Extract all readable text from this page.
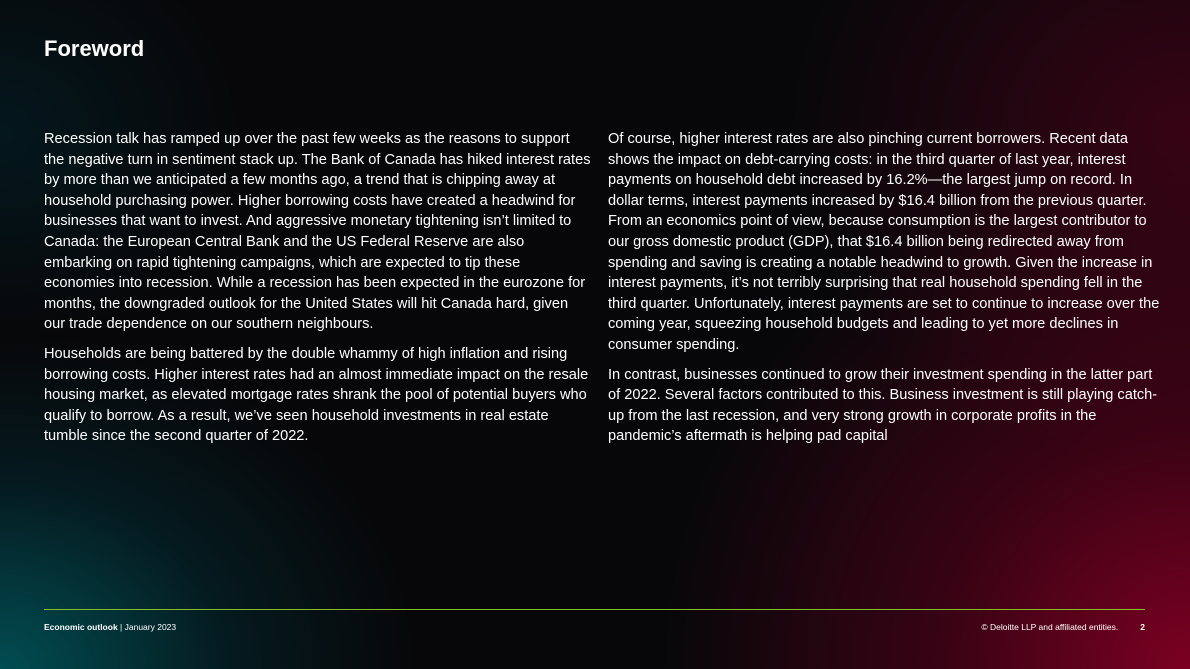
Foreword

Recession talk has ramped up over the past few weeks as the reasons to support the negative turn in sentiment stack up. The Bank of Canada has hiked interest rates by more than we anticipated a few months ago, a trend that is chipping away at household purchasing power. Higher borrowing costs have created a headwind for businesses that want to invest. And aggressive monetary tightening isn’t limited to Canada: the European Central Bank and the US Federal Reserve are also embarking on rapid tightening campaigns, which are expected to tip these economies into recession. While a recession has been expected in the eurozone for months, the downgraded outlook for the United States will hit Canada hard, given our trade dependence on our southern neighbours.

Households are being battered by the double whammy of high inflation and rising borrowing costs. Higher interest rates had an almost immediate impact on the resale housing market, as elevated mortgage rates shrank the pool of potential buyers who qualify to borrow. As a result, we’ve seen household investments in real estate tumble since the second quarter of 2022.

Of course, higher interest rates are also pinching current borrowers. Recent data shows the impact on debt-carrying costs: in the third quarter of last year, interest payments on household debt increased by 16.2%—the largest jump on record. In dollar terms, interest payments increased by $16.4 billion from the previous quarter. From an economics point of view, because consumption is the largest contributor to our gross domestic product (GDP), that $16.4 billion being redirected away from spending and saving is creating a notable headwind to growth. Given the increase in interest payments, it’s not terribly surprising that real household spending fell in the third quarter. Unfortunately, interest payments are set to continue to increase over the coming year, squeezing household budgets and leading to yet more declines in consumer spending.

In contrast, businesses continued to grow their investment spending in the latter part of 2022. Several factors contributed to this. Business investment is still playing catch-up from the last recession, and very strong growth in corporate profits in the pandemic’s aftermath is helping pad capital

Economic outlook | January 2023	© Deloitte LLP and affiliated entities.	2
